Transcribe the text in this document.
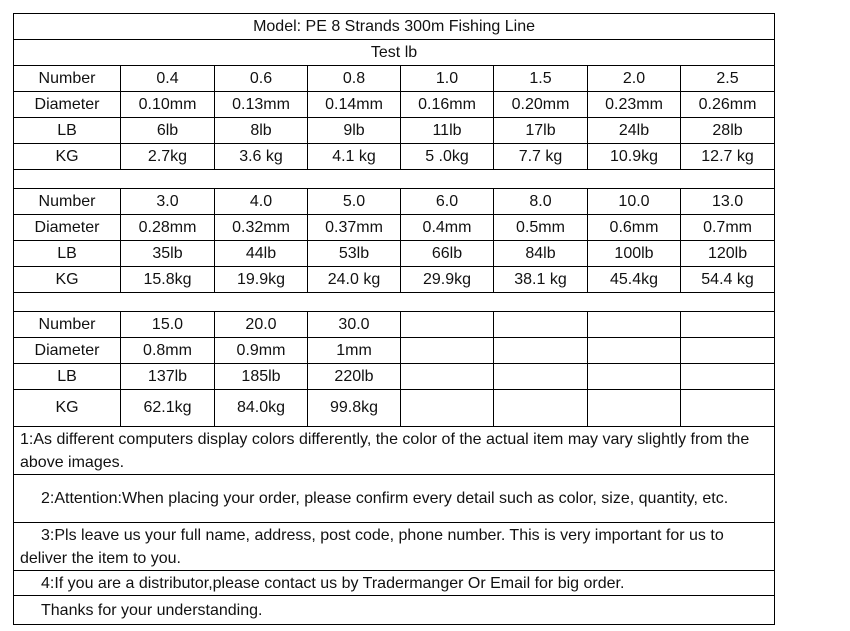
Model: PE 8 Strands 300m Fishing Line							
Test lb							
Number	0.4	0.6	0.8	1.0	1.5	2.0	2.5
Diameter	0.10mm	0.13mm	0.14mm	0.16mm	0.20mm	0.23mm	0.26mm
LB	6lb	8lb	9lb	11lb	17lb	24lb	28lb
KG	2.7kg	3.6 kg	4.1 kg	5 .0kg	7.7 kg	10.9kg	12.7 kg

Number	3.0	4.0	5.0	6.0	8.0	10.0	13.0
Diameter	0.28mm	0.32mm	0.37mm	0.4mm	0.5mm	0.6mm	0.7mm
LB	35lb	44lb	53lb	66lb	84lb	100lb	120lb
KG	15.8kg	19.9kg	24.0 kg	29.9kg	38.1 kg	45.4kg	54.4 kg

Number	15.0	20.0	30.0				
Diameter	0.8mm	0.9mm	1mm				
LB	137lb	185lb	220lb				
KG	62.1kg	84.0kg	99.8kg				
1:As different computers display colors differently, the color of the actual item may vary slightly from the above images.							
2:Attention:When placing your order, please confirm every detail such as color, size, quantity, etc.							
3:Pls leave us your full name, address, post code, phone number. This is very important for us to deliver the item to you.							
4:If you are a distributor,please contact us by Tradermanger Or Email for big order.							
Thanks for your understanding.							
